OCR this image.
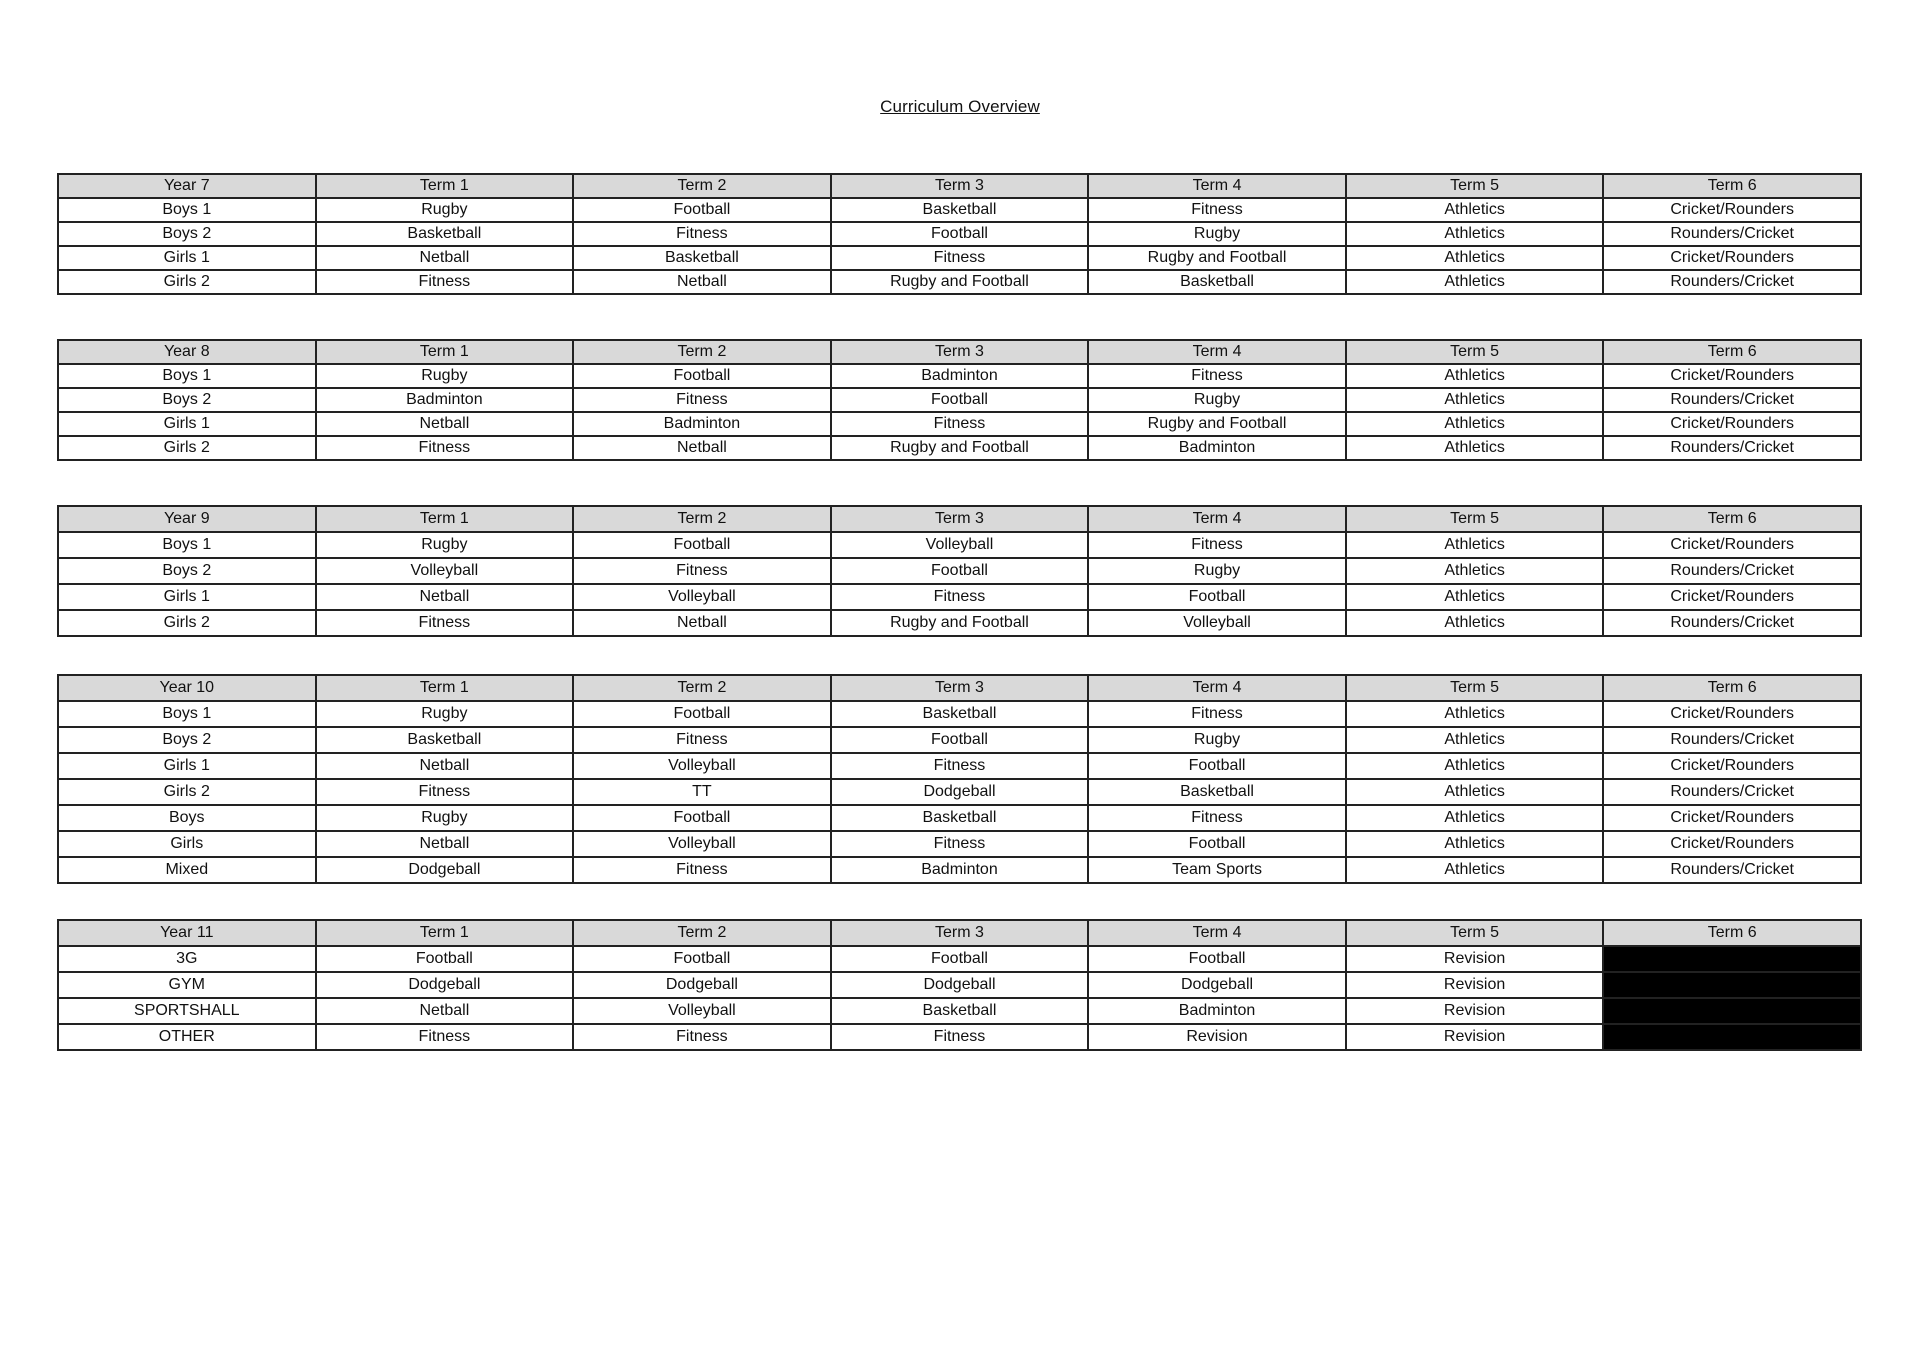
Curriculum Overview
Year 7	Term 1	Term 2	Term 3	Term 4	Term 5	Term 6
Boys 1	Rugby	Football	Basketball	Fitness	Athletics	Cricket/Rounders
Boys 2	Basketball	Fitness	Football	Rugby	Athletics	Rounders/Cricket
Girls 1	Netball	Basketball	Fitness	Rugby and Football	Athletics	Cricket/Rounders
Girls 2	Fitness	Netball	Rugby and Football	Basketball	Athletics	Rounders/Cricket
Year 8	Term 1	Term 2	Term 3	Term 4	Term 5	Term 6
Boys 1	Rugby	Football	Badminton	Fitness	Athletics	Cricket/Rounders
Boys 2	Badminton	Fitness	Football	Rugby	Athletics	Rounders/Cricket
Girls 1	Netball	Badminton	Fitness	Rugby and Football	Athletics	Cricket/Rounders
Girls 2	Fitness	Netball	Rugby and Football	Badminton	Athletics	Rounders/Cricket
Year 9	Term 1	Term 2	Term 3	Term 4	Term 5	Term 6
Boys 1	Rugby	Football	Volleyball	Fitness	Athletics	Cricket/Rounders
Boys 2	Volleyball	Fitness	Football	Rugby	Athletics	Rounders/Cricket
Girls 1	Netball	Volleyball	Fitness	Football	Athletics	Cricket/Rounders
Girls 2	Fitness	Netball	Rugby and Football	Volleyball	Athletics	Rounders/Cricket
Year 10	Term 1	Term 2	Term 3	Term 4	Term 5	Term 6
Boys 1	Rugby	Football	Basketball	Fitness	Athletics	Cricket/Rounders
Boys 2	Basketball	Fitness	Football	Rugby	Athletics	Rounders/Cricket
Girls 1	Netball	Volleyball	Fitness	Football	Athletics	Cricket/Rounders
Girls 2	Fitness	TT	Dodgeball	Basketball	Athletics	Rounders/Cricket
Boys	Rugby	Football	Basketball	Fitness	Athletics	Cricket/Rounders
Girls	Netball	Volleyball	Fitness	Football	Athletics	Cricket/Rounders
Mixed	Dodgeball	Fitness	Badminton	Team Sports	Athletics	Rounders/Cricket
Year 11	Term 1	Term 2	Term 3	Term 4	Term 5	Term 6
3G	Football	Football	Football	Football	Revision	
GYM	Dodgeball	Dodgeball	Dodgeball	Dodgeball	Revision	
SPORTSHALL	Netball	Volleyball	Basketball	Badminton	Revision	
OTHER	Fitness	Fitness	Fitness	Revision	Revision	
